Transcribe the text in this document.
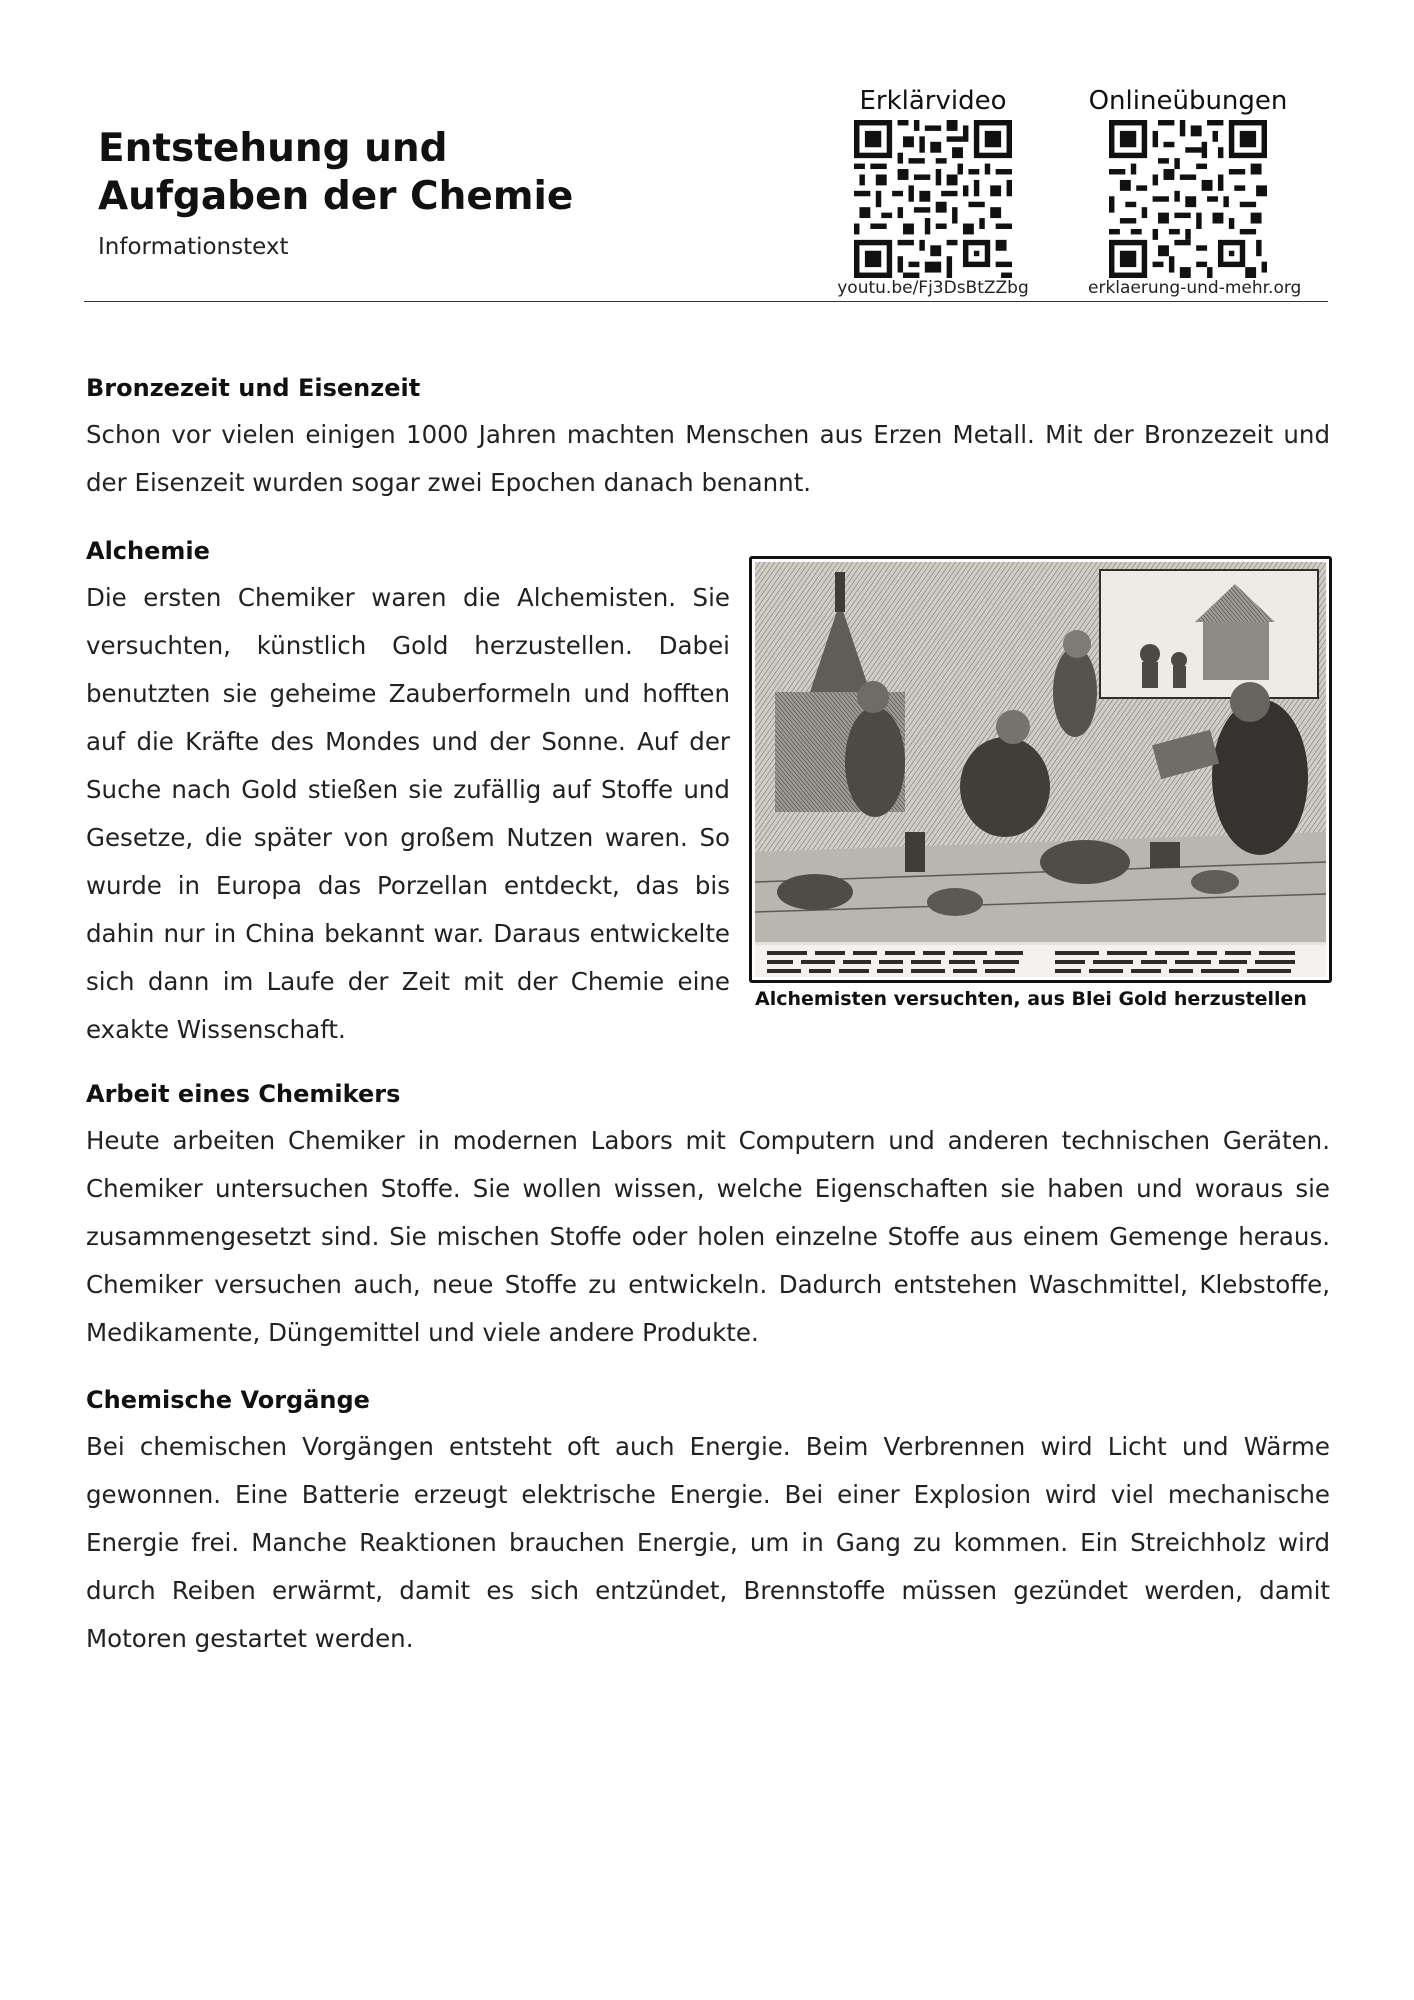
Entstehung und
Aufgaben der Chemie
Informationstext
Erklärvideo
youtu.be/Fj3DsBtZZbg
Onlineübungen
erklaerung-und-mehr.org
Bronzezeit und Eisenzeit
Schon vor vielen einigen 1000 Jahren machten Menschen aus Erzen Metall. Mit der Bronzezeit und der Eisenzeit wurden sogar zwei Epochen danach benannt.
Alchemie
Die ersten Chemiker waren die Alchemisten. Sie versuchten, künstlich Gold herzustellen. Dabei benutzten sie geheime Zauberformeln und hofften auf die Kräfte des Mondes und der Sonne. Auf der Suche nach Gold stießen sie zufällig auf Stoffe und Gesetze, die später von großem Nutzen waren. So wurde in Europa das Porzellan entdeckt, das bis dahin nur in China bekannt war. Daraus entwickelte sich dann im Laufe der Zeit mit der Chemie eine exakte Wissenschaft.
Alchemisten versuchten, aus Blei Gold herzustellen
Arbeit eines Chemikers
Heute arbeiten Chemiker in modernen Labors mit Computern und anderen technischen Geräten. Chemiker untersuchen Stoffe. Sie wollen wissen, welche Eigenschaften sie haben und woraus sie zusammengesetzt sind. Sie mischen Stoffe oder holen einzelne Stoffe aus einem Gemenge heraus. Chemiker versuchen auch, neue Stoffe zu entwickeln. Dadurch entstehen Waschmittel, Klebstoffe, Medikamente, Düngemittel und viele andere Produkte.
Chemische Vorgänge
Bei chemischen Vorgängen entsteht oft auch Energie. Beim Verbrennen wird Licht und Wärme gewonnen. Eine Batterie erzeugt elektrische Energie. Bei einer Explosion wird viel mechanische Energie frei. Manche Reaktionen brauchen Energie, um in Gang zu kommen. Ein Streichholz wird durch Reiben erwärmt, damit es sich entzündet, Brennstoffe müssen gezündet werden, damit Motoren gestartet werden.
